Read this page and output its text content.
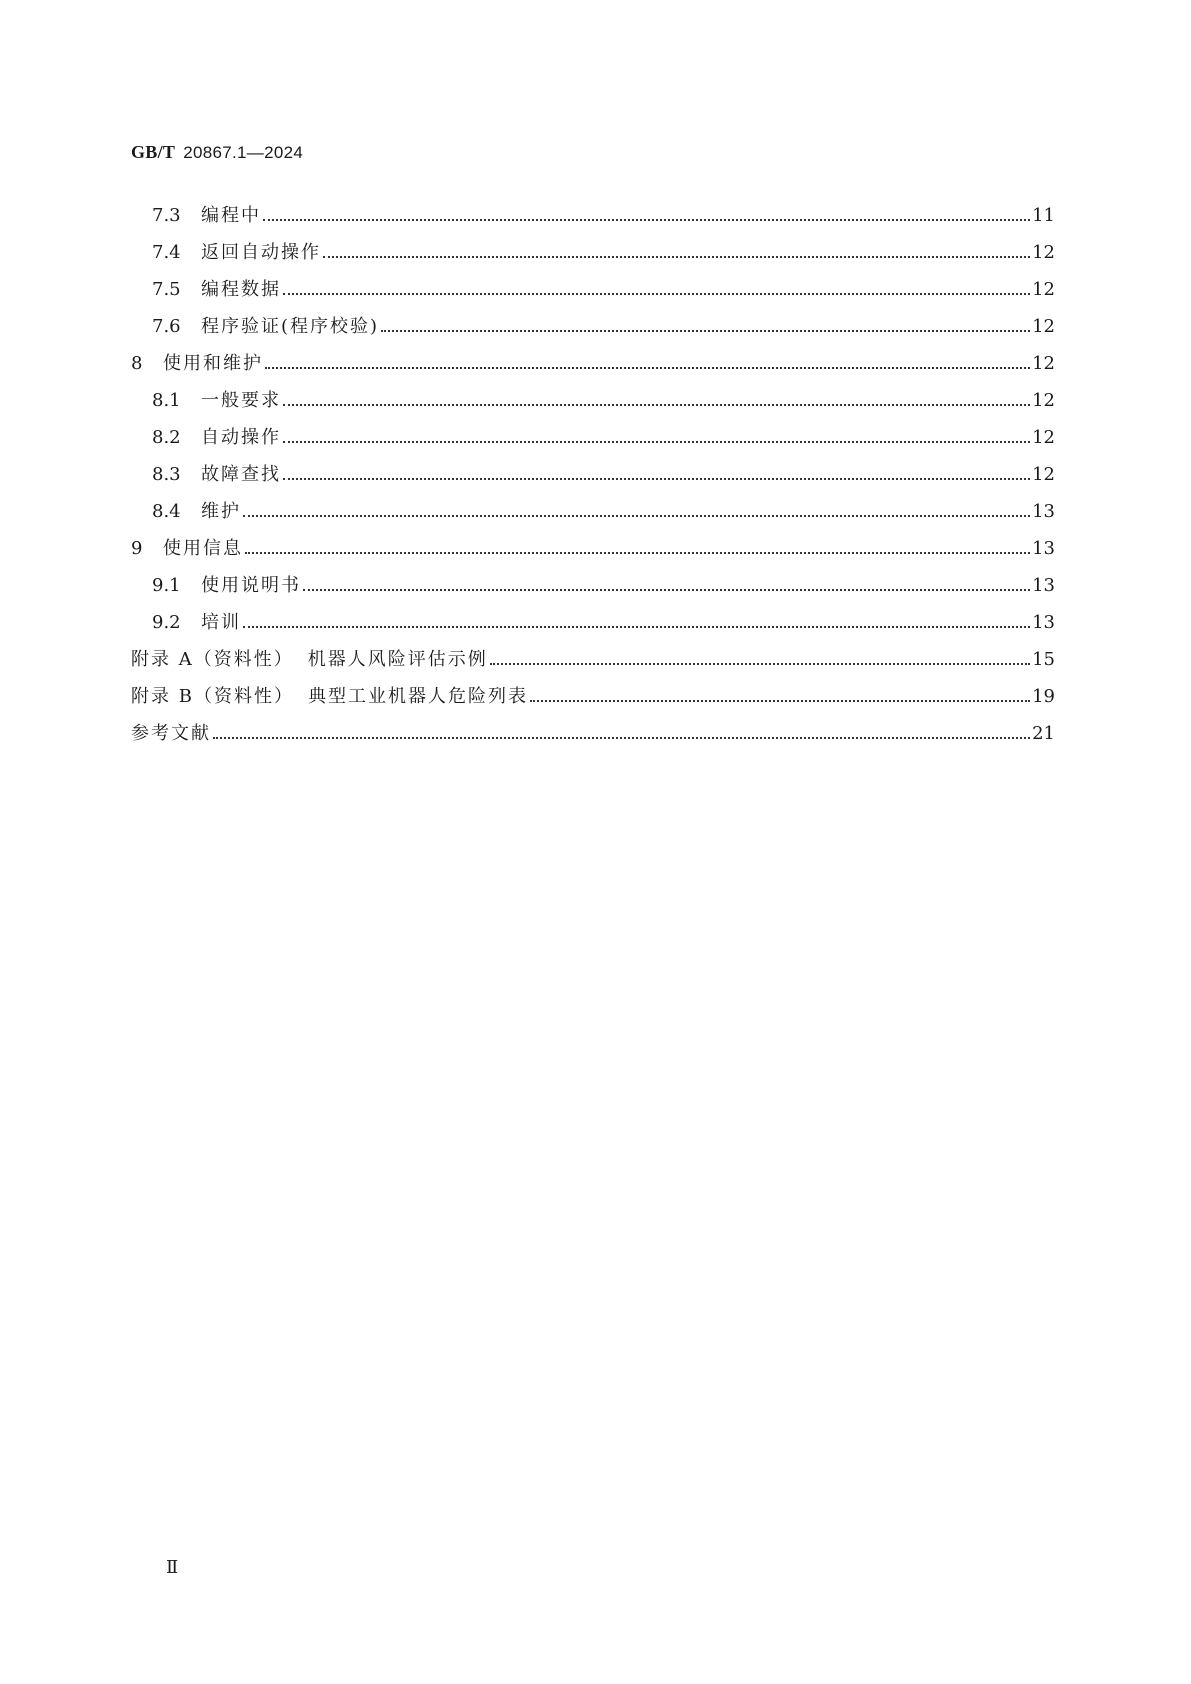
GB/T 20867.1—2024
7.3	编程中	11
7.4	返回自动操作	12
7.5	编程数据	12
7.6	程序验证(程序校验)	12
8	使用和维护	12
8.1	一般要求	12
8.2	自动操作	12
8.3	故障查找	12
8.4	维护	13
9	使用信息	13
9.1	使用说明书	13
9.2	培训	13
附录 A（资料性） 机器人风险评估示例	15
附录 B（资料性） 典型工业机器人危险列表	19
参考文献	21
Ⅱ
